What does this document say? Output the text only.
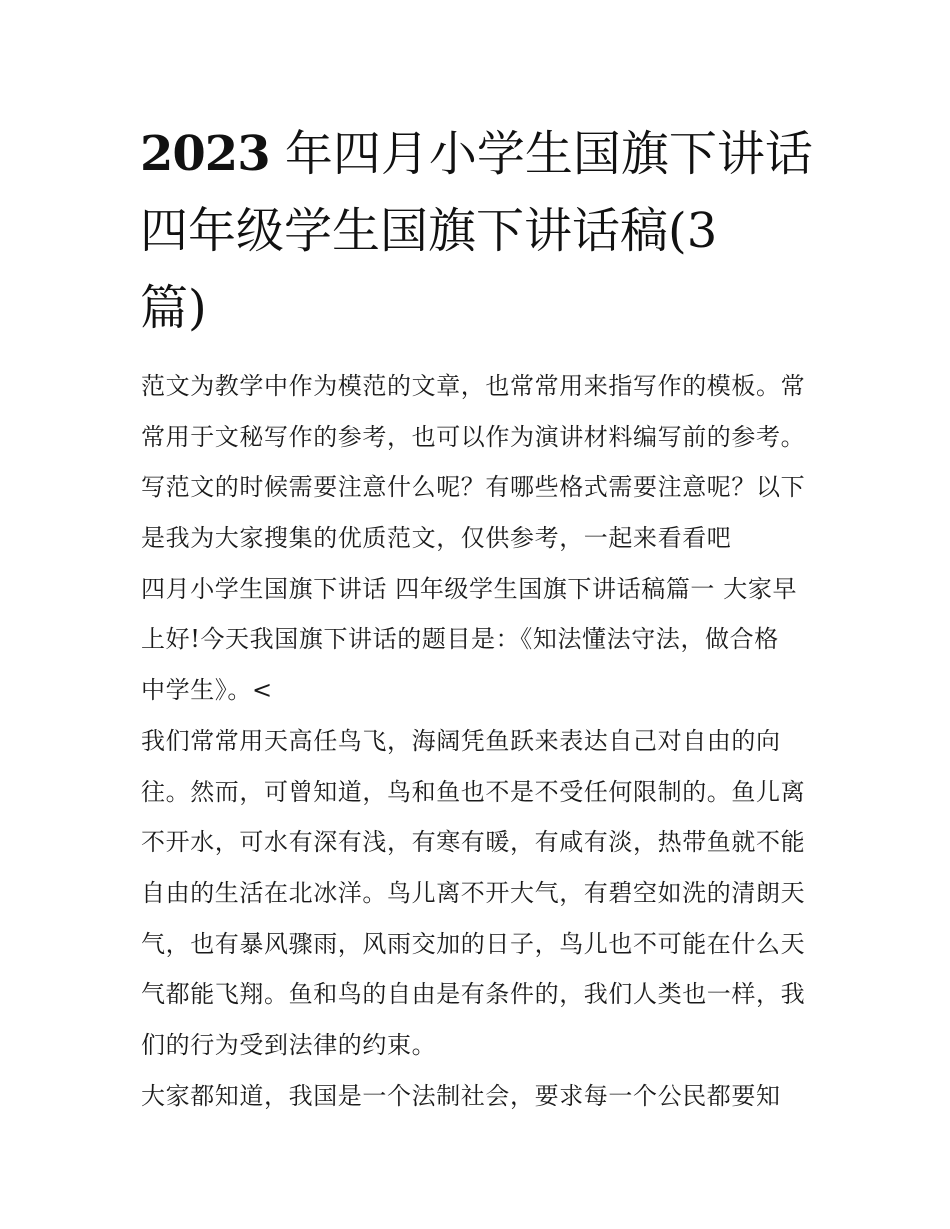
2023 年四月小学生国旗下讲话
四年级学生国旗下讲话稿(3
篇)
范文为教学中作为模范的文章，也常常用来指写作的模板。常
常用于文秘写作的参考，也可以作为演讲材料编写前的参考。
写范文的时候需要注意什么呢？有哪些格式需要注意呢？以下
是我为大家搜集的优质范文，仅供参考，一起来看看吧
四月小学生国旗下讲话 四年级学生国旗下讲话稿篇一 大家早
上好!今天我国旗下讲话的题目是：《知法懂法守法，做合格
中学生》。<
我们常常用天高任鸟飞，海阔凭鱼跃来表达自己对自由的向
往。然而，可曾知道，鸟和鱼也不是不受任何限制的。鱼儿离
不开水，可水有深有浅，有寒有暖，有咸有淡，热带鱼就不能
自由的生活在北冰洋。鸟儿离不开大气，有碧空如洗的清朗天
气，也有暴风骤雨，风雨交加的日子，鸟儿也不可能在什么天
气都能飞翔。鱼和鸟的自由是有条件的，我们人类也一样，我
们的行为受到法律的约束。
大家都知道，我国是一个法制社会，要求每一个公民都要知
